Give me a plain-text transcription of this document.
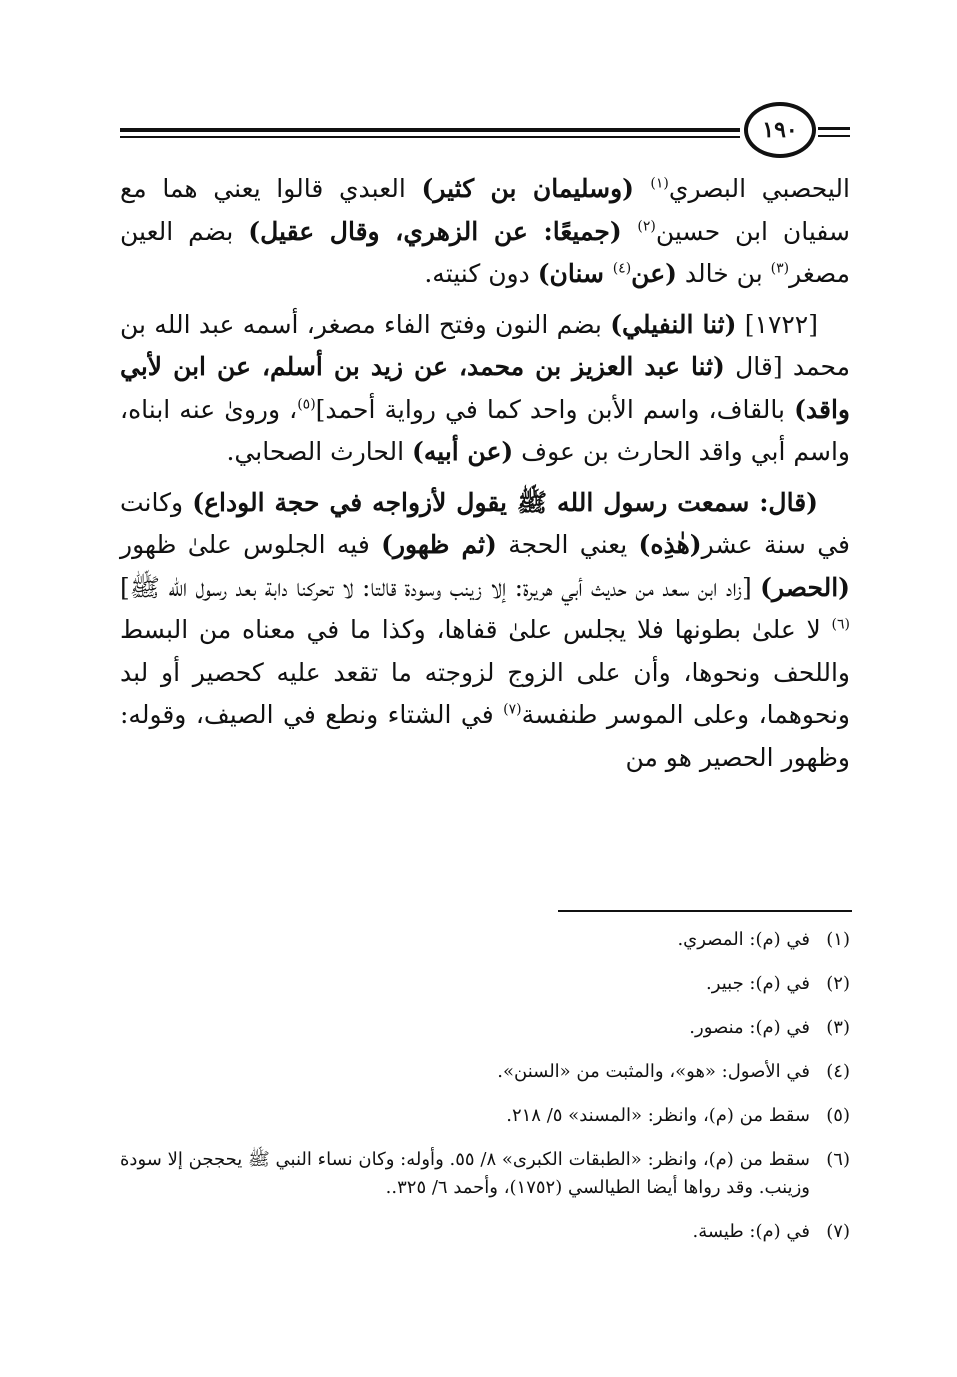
١٩٠

اليحصبي البصري$^{(١)}$ (وسليمان بن كثير) العبدي قالوا يعني هما مع سفيان ابن حسين$^{(٢)}$ (جميعًا: عن الزهري، وقال عقيل) بضم العين مصغر$^{(٣)}$ بن خالد (عن$^{(٤)}$ سنان) دون كنيته.

[١٧٢٢] (ثنا النفيلي) بضم النون وفتح الفاء مصغر، أسمه عبد الله بن محمد [قال (ثنا عبد العزيز بن محمد، عن زيد بن أسلم، عن ابن لأبي واقد) بالقاف، واسم الأبن واحد كما في رواية أحمد]$^{(٥)}$، وروىٰ عنه ابناه، واسم أبي واقد الحارث بن عوف (عن أبيه) الحارث الصحابي.

(قال: سمعت رسول الله ﷺ يقول لأزواجه في حجة الوداع) وكانت في سنة عشر(هٰذِه) يعني الحجة (ثم ظهور) فيه الجلوس علىٰ ظهور (الحصر) [زاد ابن سعد من حديث أبي هريرة: إلا زينب وسودة قالتا: لا تحركنا دابة بعد رسول الله ﷺ]$^{(٦)}$ لا علىٰ بطونها فلا يجلس علىٰ قفاها، وكذا ما في معناه من البسط واللحف ونحوها، وأن على الزوج لزوجته ما تقعد عليه كحصير أو لبد ونحوهما، وعلى الموسر طنفسة$^{(٧)}$ في الشتاء ونطع في الصيف، وقوله: وظهور الحصير هو من

(١)
في (م): المصري.
(٢)
في (م): جبير.
(٣)
في (م): منصور.
(٤)
في الأصول: «هو»، والمثبت من «السنن».
(٥)
سقط من (م)، وانظر: «المسند» ٥/ ٢١٨.
(٦)
سقط من (م)، وانظر: «الطبقات الكبرى» ٨/ ٥٥. وأوله: وكان نساء النبي ﷺ يحججن إلا سودة وزينب. وقد رواها أيضا الطيالسي (١٧٥٢)، وأحمد ٦/ ٣٢٥..
(٧)
في (م): طيسة.
